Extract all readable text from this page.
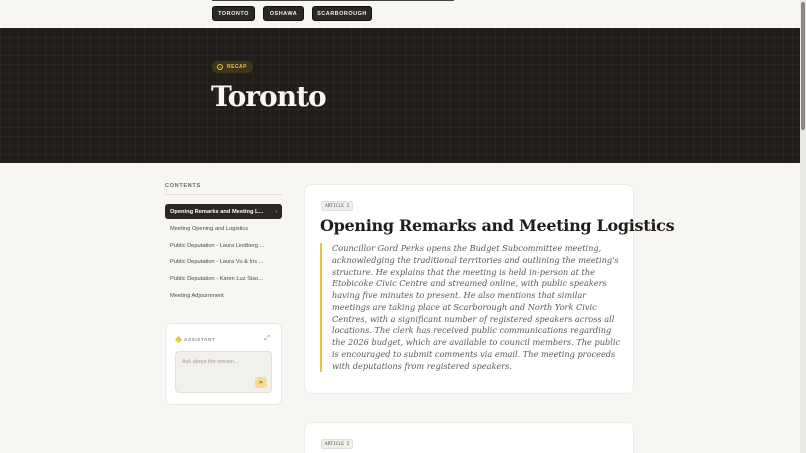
TORONTO	OSHAWA	SCARBOROUGH
RECAP
Toronto
CONTENTS
Opening Remarks and Meeting L... ›
Meeting Opening and Logistics
Public Deputation - Laura Lindberg ...
Public Deputation - Laura Vu & Iris ...
Public Deputation - Karen Luz Siso...
Meeting Adjournment
ASSISTANT	⤢
Ask about the stream...
➤
ARTICLE 1
Opening Remarks and Meeting Logistics

Councillor Gord Perks opens the Budget Subcommittee meeting, acknowledging the traditional territories and outlining the meeting's structure. He explains that the meeting is held in-person at the Etobicoke Civic Centre and streamed online, with public speakers having five minutes to present. He also mentions that similar meetings are taking place at Scarborough and North York Civic Centres, with a significant number of registered speakers across all locations. The clerk has received public communications regarding the 2026 budget, which are available to council members. The public is encouraged to submit comments via email. The meeting proceeds with deputations from registered speakers.

ARTICLE 2
